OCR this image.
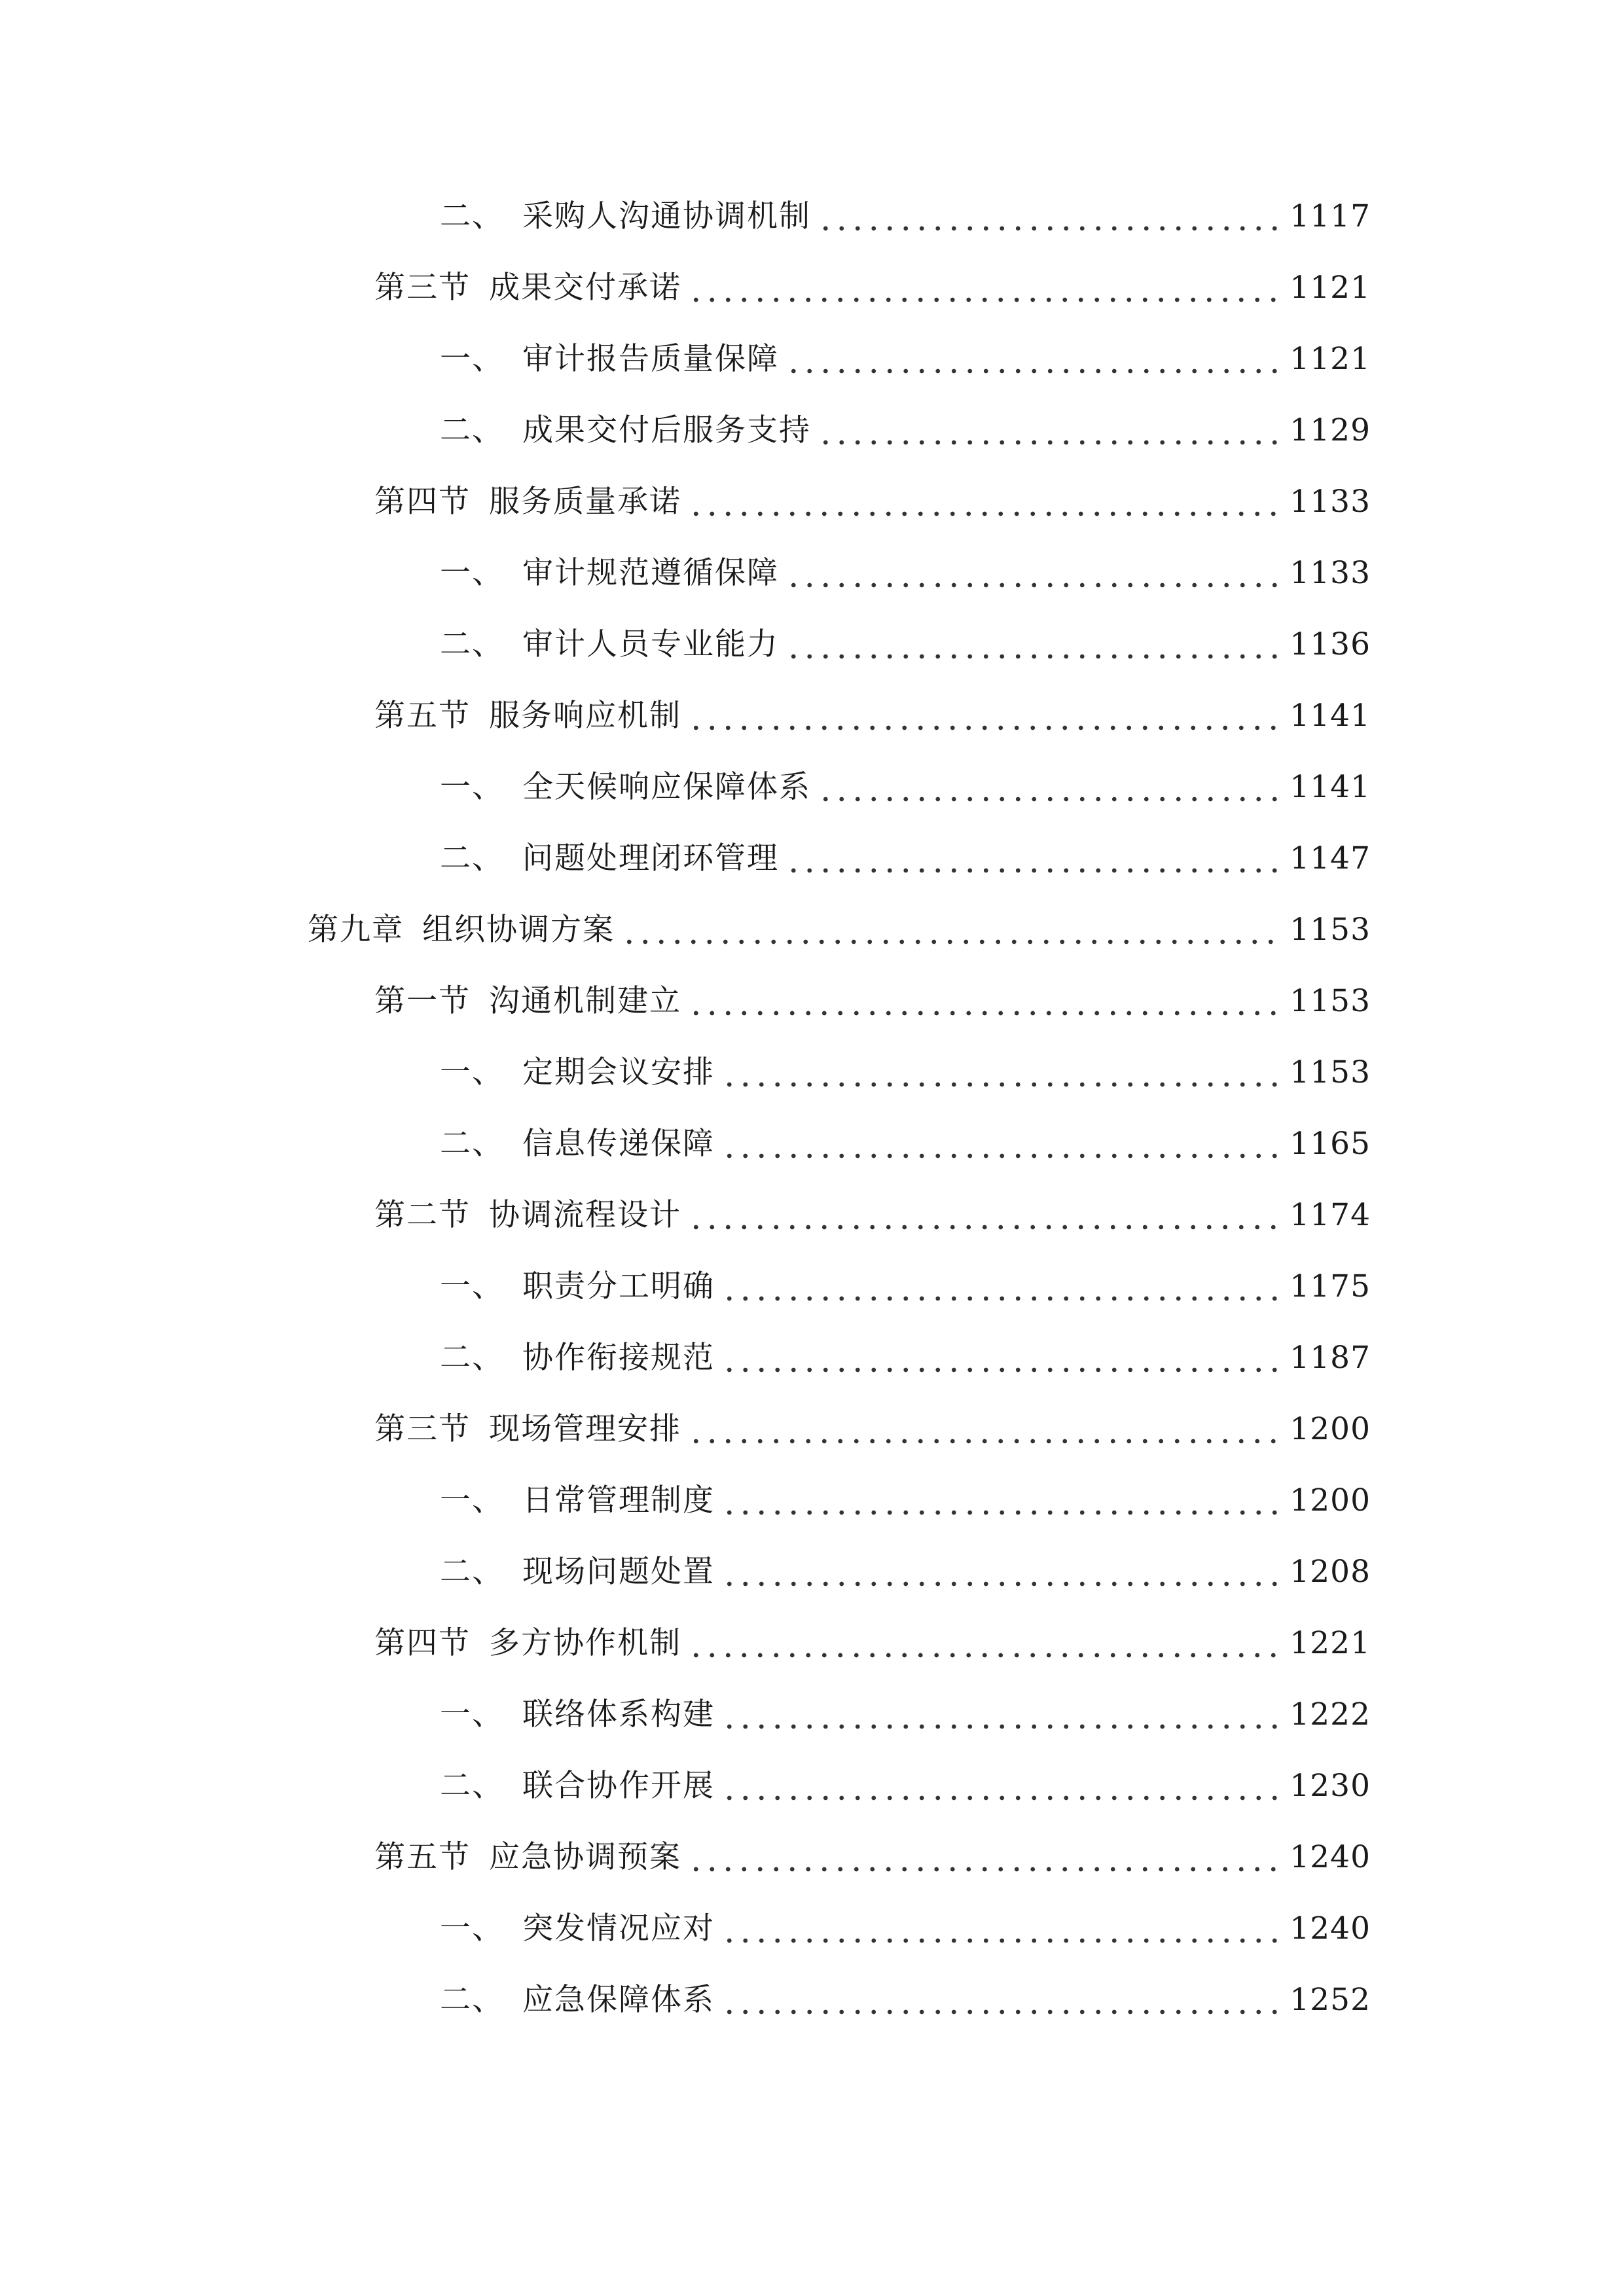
二、 采购人沟通协调机制	1117
第三节 成果交付承诺	1121
一、 审计报告质量保障	1121
二、 成果交付后服务支持	1129
第四节 服务质量承诺	1133
一、 审计规范遵循保障	1133
二、 审计人员专业能力	1136
第五节 服务响应机制	1141
一、 全天候响应保障体系	1141
二、 问题处理闭环管理	1147
第九章 组织协调方案	1153
第一节 沟通机制建立	1153
一、 定期会议安排	1153
二、 信息传递保障	1165
第二节 协调流程设计	1174
一、 职责分工明确	1175
二、 协作衔接规范	1187
第三节 现场管理安排	1200
一、 日常管理制度	1200
二、 现场问题处置	1208
第四节 多方协作机制	1221
一、 联络体系构建	1222
二、 联合协作开展	1230
第五节 应急协调预案	1240
一、 突发情况应对	1240
二、 应急保障体系	1252
